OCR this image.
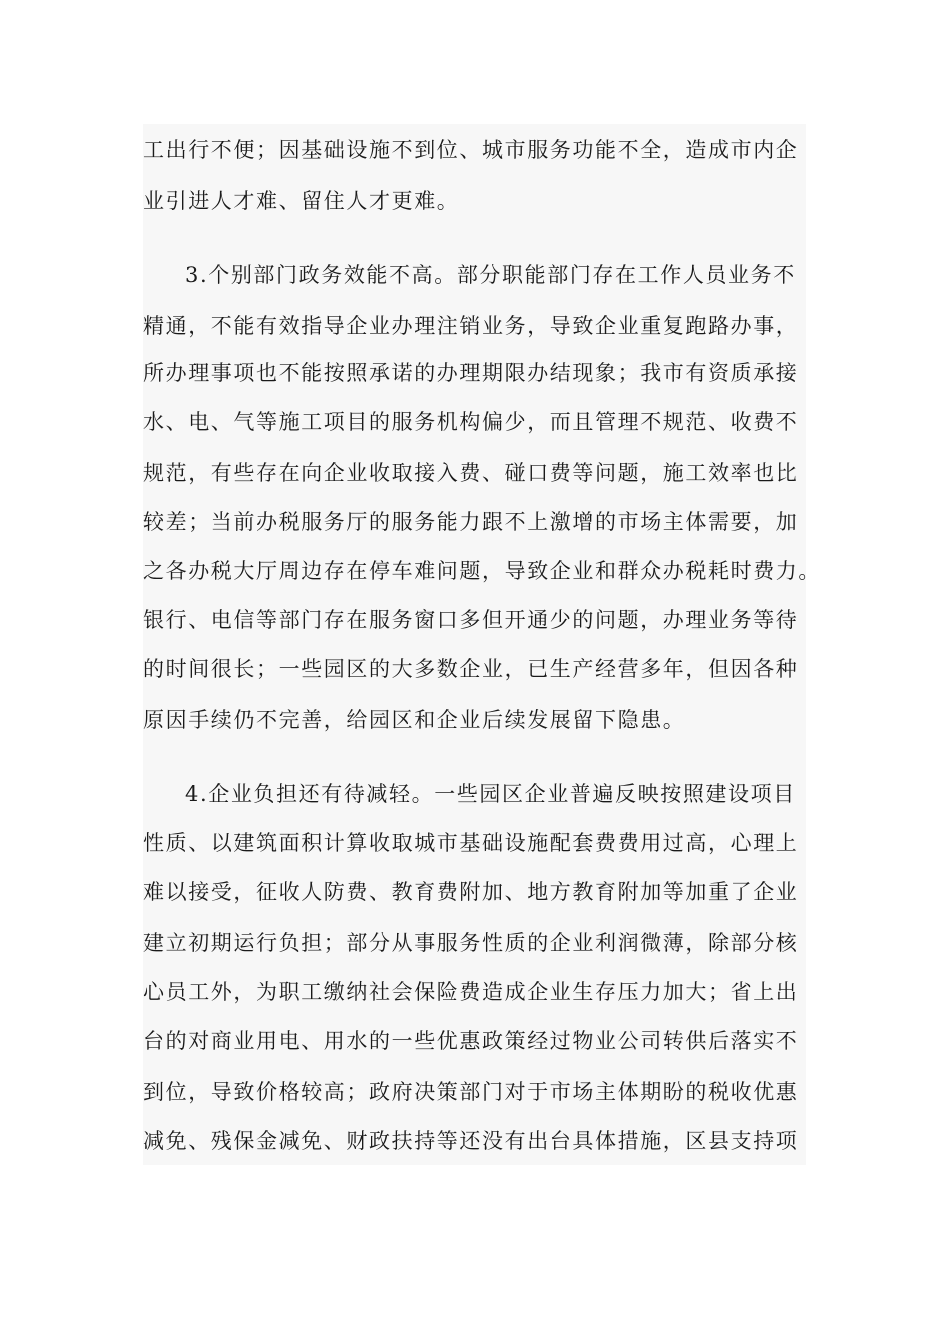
工出行不便；因基础设施不到位、城市服务功能不全，造成市内企
业引进人才难、留住人才更难。
3.个别部门政务效能不高。部分职能部门存在工作人员业务不
精通，不能有效指导企业办理注销业务，导致企业重复跑路办事，
所办理事项也不能按照承诺的办理期限办结现象；我市有资质承接
水、电、气等施工项目的服务机构偏少，而且管理不规范、收费不
规范，有些存在向企业收取接入费、碰口费等问题，施工效率也比
较差；当前办税服务厅的服务能力跟不上激增的市场主体需要，加
之各办税大厅周边存在停车难问题，导致企业和群众办税耗时费力。
银行、电信等部门存在服务窗口多但开通少的问题，办理业务等待
的时间很长；一些园区的大多数企业，已生产经营多年，但因各种
原因手续仍不完善，给园区和企业后续发展留下隐患。
4.企业负担还有待减轻。一些园区企业普遍反映按照建设项目
性质、以建筑面积计算收取城市基础设施配套费费用过高，心理上
难以接受，征收人防费、教育费附加、地方教育附加等加重了企业
建立初期运行负担；部分从事服务性质的企业利润微薄，除部分核
心员工外，为职工缴纳社会保险费造成企业生存压力加大；省上出
台的对商业用电、用水的一些优惠政策经过物业公司转供后落实不
到位，导致价格较高；政府决策部门对于市场主体期盼的税收优惠
减免、残保金减免、财政扶持等还没有出台具体措施，区县支持项
